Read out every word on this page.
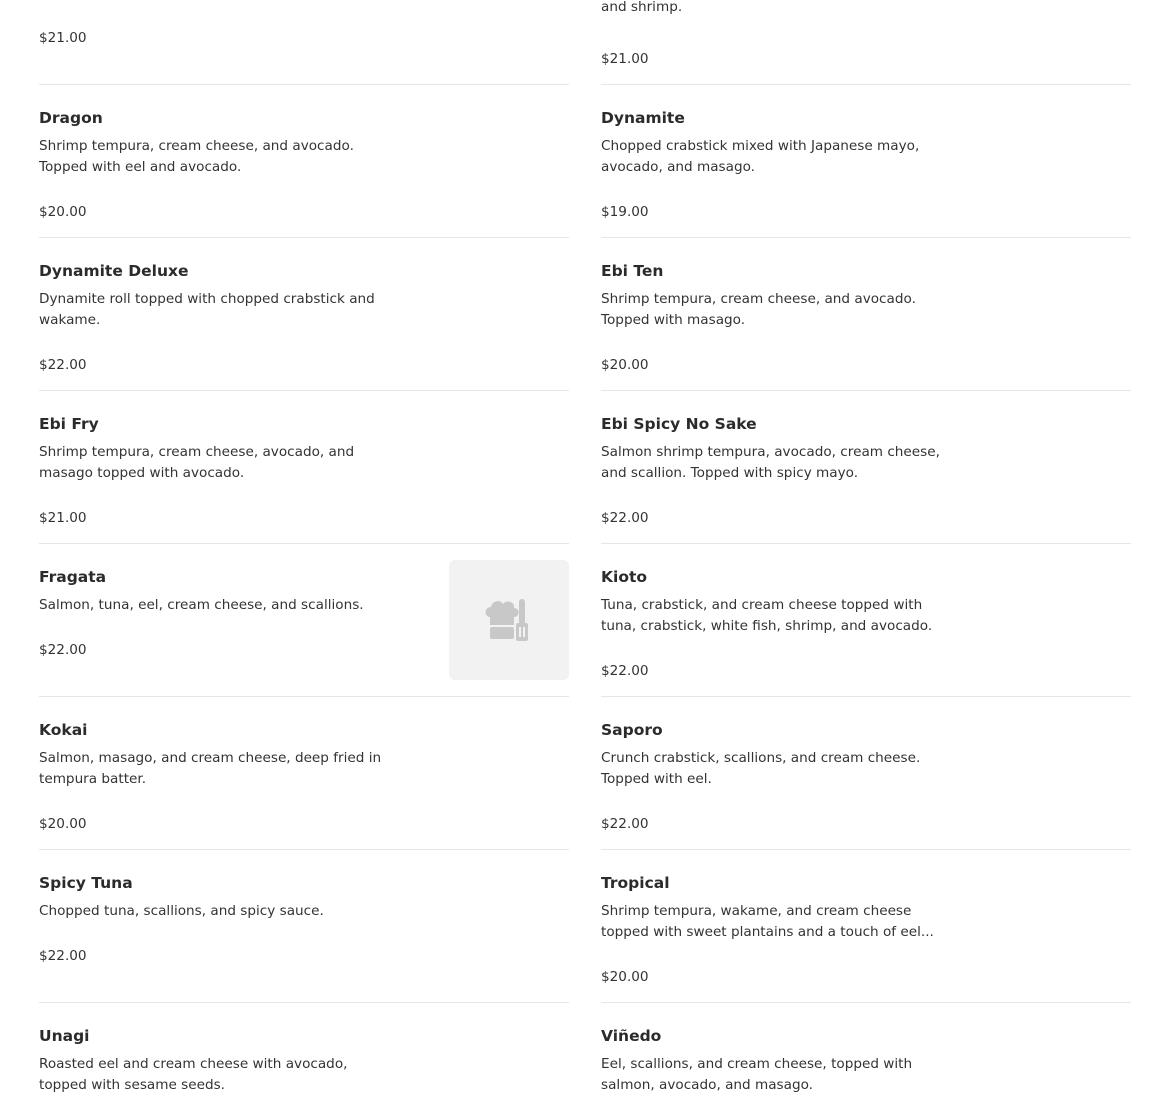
$21.00
Dragon
Shrimp tempura, cream cheese, and avocado. Topped with eel and avocado.
$20.00
Dynamite Deluxe
Dynamite roll topped with chopped crabstick and wakame.
$22.00
Ebi Fry
Shrimp tempura, cream cheese, avocado, and masago topped with avocado.
$21.00
Fragata
Salmon, tuna, eel, cream cheese, and scallions.
$22.00
Kokai
Salmon, masago, and cream cheese, deep fried in tempura batter.
$20.00
Spicy Tuna
Chopped tuna, scallions, and spicy sauce.
$22.00
Unagi
Roasted eel and cream cheese with avocado, topped with sesame seeds.
and shrimp.
$21.00
Dynamite
Chopped crabstick mixed with Japanese mayo, avocado, and masago.
$19.00
Ebi Ten
Shrimp tempura, cream cheese, and avocado. Topped with masago.
$20.00
Ebi Spicy No Sake
Salmon shrimp tempura, avocado, cream cheese, and scallion. Topped with spicy mayo.
$22.00
Kioto
Tuna, crabstick, and cream cheese topped with tuna, crabstick, white fish, shrimp, and avocado.
$22.00
Saporo
Crunch crabstick, scallions, and cream cheese. Topped with eel.
$22.00
Tropical
Shrimp tempura, wakame, and cream cheese topped with sweet plantains and a touch of eel...
$20.00
Viñedo
Eel, scallions, and cream cheese, topped with salmon, avocado, and masago.
